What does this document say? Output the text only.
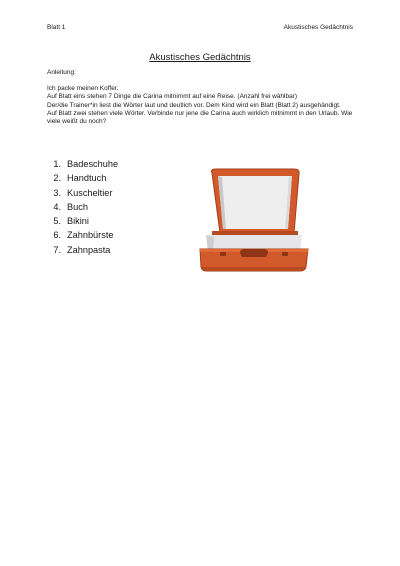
Blatt 1	Akustisches Gedächtnis
Akustisches Gedächtnis
Anleitung:

Ich packe meinen Koffer.

Auf Blatt eins stehen 7 Dinge die Carina mitnimmt auf eine Reise. (Anzahl frei wählbar)

Der/die Trainer*in liest die Wörter laut und deutlich vor. Dem Kind wird ein Blatt (Blatt 2) ausgehändigt.

Auf Blatt zwei stehen viele Wörter. Verbinde nur jene die Carina auch wirklich mitnimmt in den Urlaub. Wie viele weißt du noch?

1. Badeschuhe
2. Handtuch
3. Kuscheltier
4. Buch
5. Bikini
6. Zahnbürste
7. Zahnpasta
